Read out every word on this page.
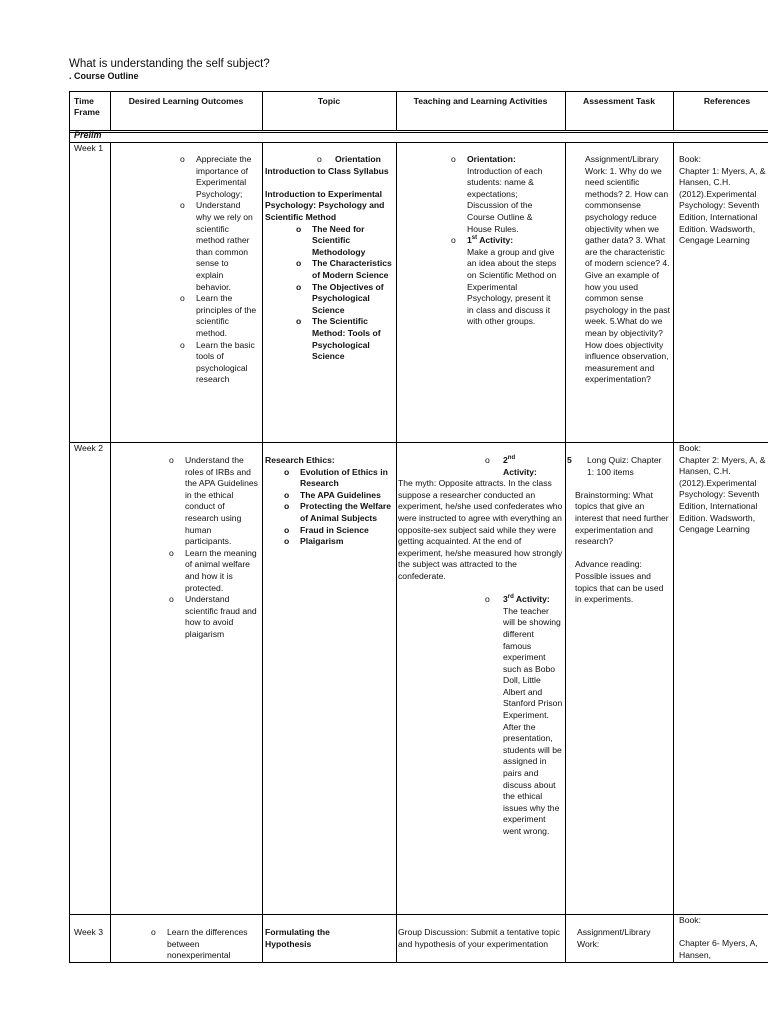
What is understanding the self subject?
. Course Outline
Time Frame
Desired Learning Outcomes	Topic	Teaching and Learning Activities	Assessment Task	References
Prelim
Week 1
o Appreciate the importance of Experimental Psychology;
o Understand why we rely on scientific method rather than common sense to explain behavior.
o Learn the principles of the scientific method.
o Learn the basic tools of psychological research
o Orientation
Introduction to Class Syllabus
Introduction to Experimental Psychology: Psychology and Scientific Method
o The Need for Scientific Methodology
o The Characteristics of Modern Science
o The Objectives of Psychological Science
o The Scientific Method: Tools of Psychological Science
o Orientation:
Introduction of each students: name & expectations; Discussion of the Course Outline & House Rules.
o 1st Activity:
Make a group and give an idea about the steps on Scientific Method on Experimental Psychology, present it in class and discuss it with other groups.
Assignment/Library Work: 1. Why do we need scientific methods? 2. How can commonsense psychology reduce objectivity when we gather data? 3. What are the characteristic of modern science? 4. Give an example of how you used common sense psychology in the past week. 5.What do we mean by objectivity? How does objectivity influence observation, measurement and experimentation?
Book:
Chapter 1: Myers, A, & Hansen, C.H.(2012).Experimental Psychology: Seventh Edition, International Edition. Wadsworth, Cengage Learning
Week 2
o Understand the roles of IRBs and the APA Guidelines in the ethical conduct of research using human participants.
o Learn the meaning of animal welfare and how it is protected.
o Understand scientific fraud and how to avoid plaigarism
Research Ethics:
o Evolution of Ethics in Research
o The APA Guidelines
o Protecting the Welfare of Animal Subjects
o Fraud in Science
o Plaigarism
o	2nd
Activity:
The myth: Opposite attracts. In the class suppose a researcher conducted an experiment, he/she used confederates who were instructed to agree with everything an opposite-sex subject said while they were getting acquainted. At the end of experiment, he/she measured how strongly the subject was attracted to the confederate.
o 3rd Activity: The teacher will be showing different famous experiment such as Bobo Doll, Little Albert and Stanford Prison Experiment. After the presentation, students will be assigned in pairs and discuss about the ethical issues why the experiment went wrong.
5 Long Quiz: Chapter 1: 100 items
Brainstorming: What topics that give an interest that need further experimentation and research?
Advance reading: Possible issues and topics that can be used in experiments.
Book:
Chapter 2: Myers, A, & Hansen, C.H.(2012).Experimental Psychology: Seventh Edition, International Edition. Wadsworth, Cengage Learning
Week 3
o	Learn the differences between nonexperimental
Formulating the Hypothesis
Group Discussion: Submit a tentative topic and hypothesis of your experimentation
Assignment/Library Work:
Book:
Chapter 6- Myers, A, Hansen,
